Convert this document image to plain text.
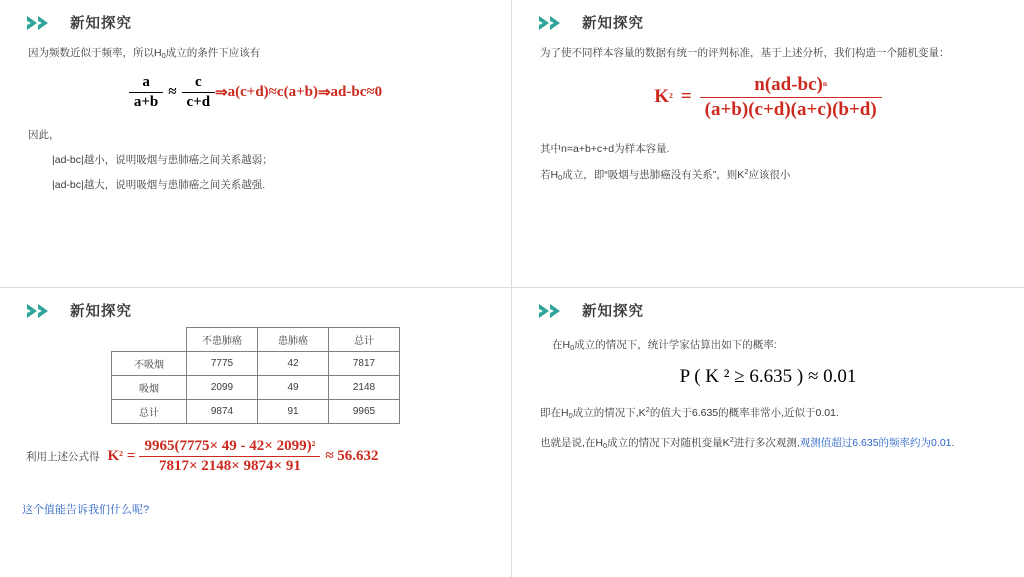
新知探究
因为频数近似于频率，所以$H_0$成立的条件下应该有
$\frac{a}{a+b} \approx \frac{c}{c+d}$ ⇒ a(c+d)≈c(a+b) ⇒ ad-bc≈0
因此，
|ad-bc|越小，说明吸烟与患肺癌之间关系越弱；
|ad-bc|越大，说明吸烟与患肺癌之间关系越强.
新知探究
为了使不同样本容量的数据有统一的评判标准，基于上述分析，我们构造一个随机变量：
$K^2 = \frac{n(ad-bc)^n}{(a+b)(c+d)(a+c)(b+d)}$
其中n=a+b+c+d为样本容量.
若$H_0$成立，即“吸烟与患肺癌没有关系”，则$K^2$应该很小
新知探究
	不患肺癌	患肺癌	总计
不吸烟	7775	42	7817
吸烟	2099	49	2148
总计	9874	91	9965
利用上述公式得 $K^2 = \frac{9965(7775\times 49 - 42\times 2099)^2}{7817\times 2148\times 9874\times 91} \approx 56.632$
这个值能告诉我们什么呢?
新知探究
在$H_0$成立的情况下，统计学家估算出如下的概率:
P ( K ² ≥ 6.635 ) ≈ 0.01
即在$H_0$成立的情况下$,K^2$的值大于6.635的概率非常小,近似于0.01.
也就是说,在$H_0$成立的情况下对随机变量$K^2$进行多次观测,观测值超过6.635的频率约为0.01.
